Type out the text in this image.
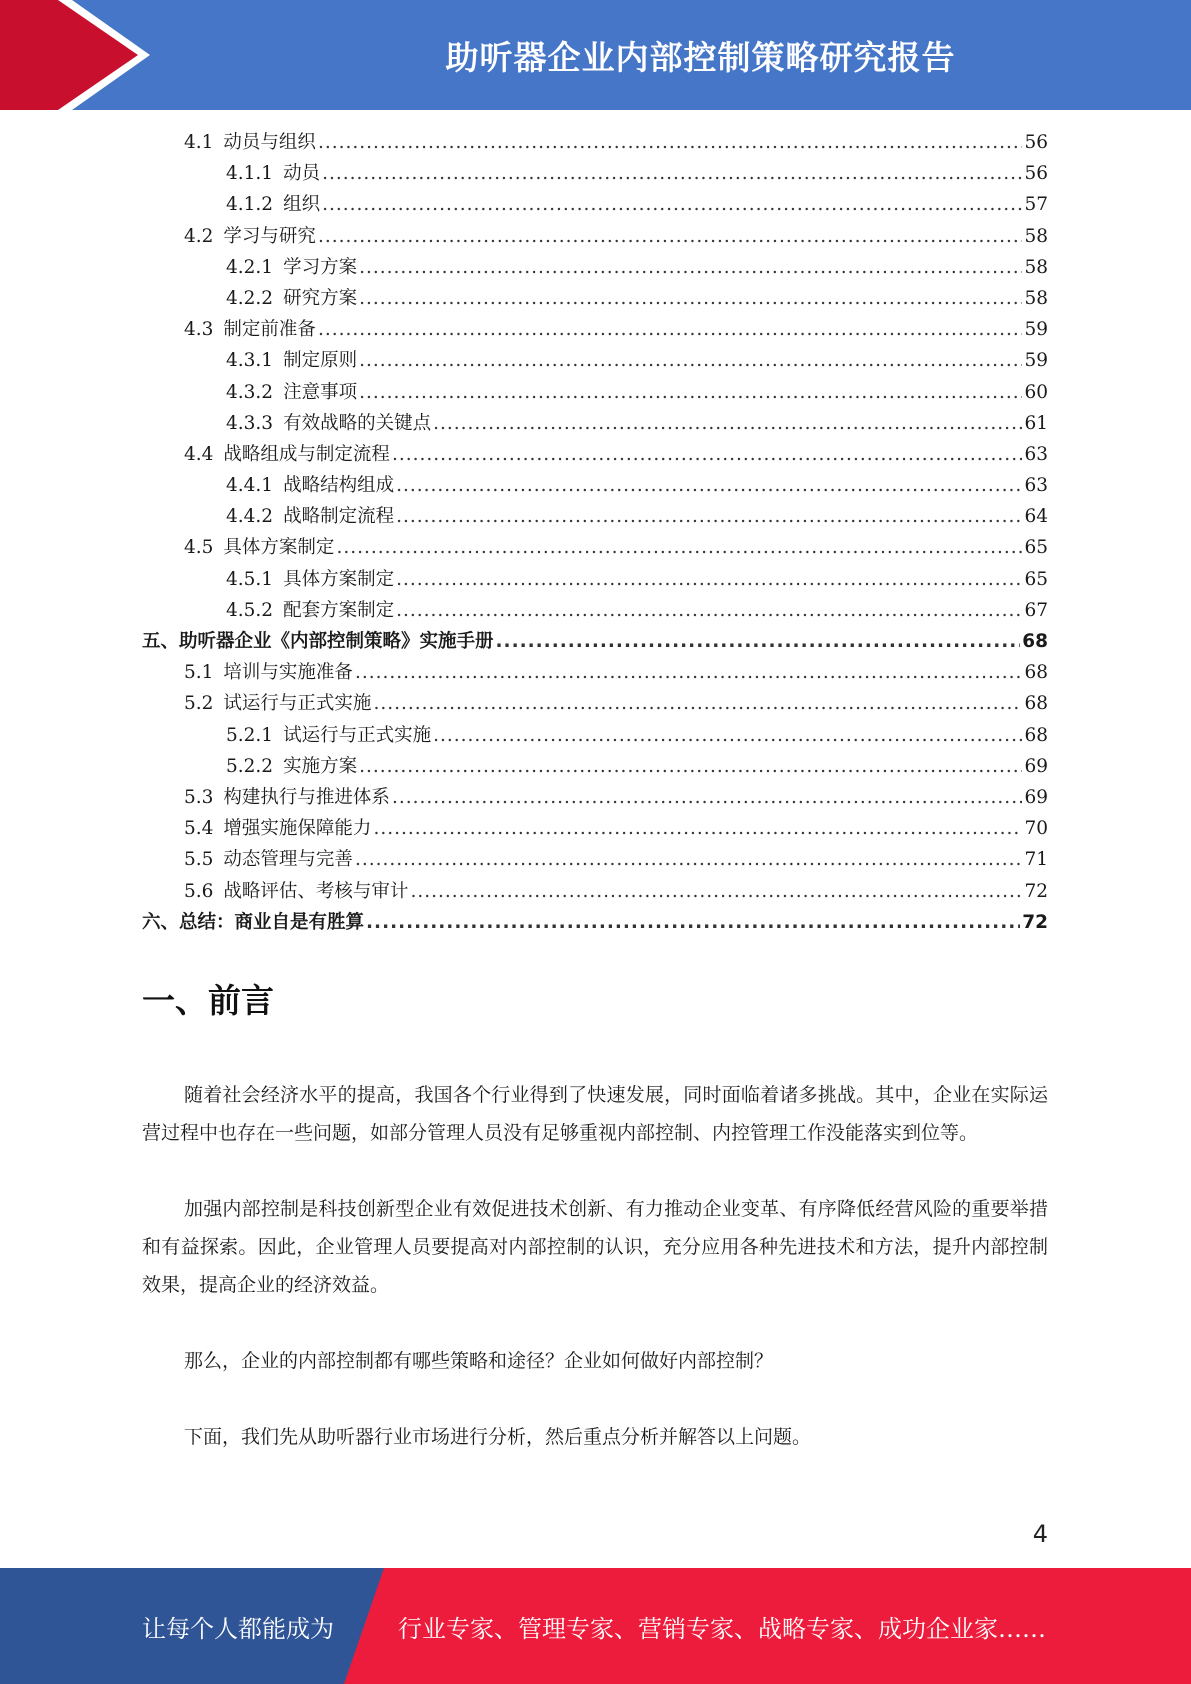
助听器企业内部控制策略研究报告
4.1 动员与组织 .....	56
4.1.1 动员 .....	56
4.1.2 组织 .....	57
4.2 学习与研究 .....	58
4.2.1 学习方案 .....	58
4.2.2 研究方案 .....	58
4.3 制定前准备 .....	59
4.3.1 制定原则 .....	59
4.3.2 注意事项 .....	60
4.3.3 有效战略的关键点 .....	61
4.4 战略组成与制定流程 .....	63
4.4.1 战略结构组成 .....	63
4.4.2 战略制定流程 .....	64
4.5 具体方案制定 .....	65
4.5.1 具体方案制定 .....	65
4.5.2 配套方案制定 .....	67
五、助听器企业《内部控制策略》实施手册 .....	68
5.1 培训与实施准备 .....	68
5.2 试运行与正式实施 .....	68
5.2.1 试运行与正式实施 .....	68
5.2.2 实施方案 .....	69
5.3 构建执行与推进体系 .....	69
5.4 增强实施保障能力 .....	70
5.5 动态管理与完善 .....	71
5.6 战略评估、考核与审计 .....	72
六、总结：商业自是有胜算 .....	72
一、前言

随着社会经济水平的提高，我国各个行业得到了快速发展，同时面临着诸多挑战。其中，企业在实际运营过程中也存在一些问题，如部分管理人员没有足够重视内部控制、内控管理工作没能落实到位等。

加强内部控制是科技创新型企业有效促进技术创新、有力推动企业变革、有序降低经营风险的重要举措和有益探索。因此，企业管理人员要提高对内部控制的认识，充分应用各种先进技术和方法，提升内部控制效果，提高企业的经济效益。

那么，企业的内部控制都有哪些策略和途径？企业如何做好内部控制？

下面，我们先从助听器行业市场进行分析，然后重点分析并解答以上问题。

4
让每个人都能成为	行业专家、管理专家、营销专家、战略专家、成功企业家……
